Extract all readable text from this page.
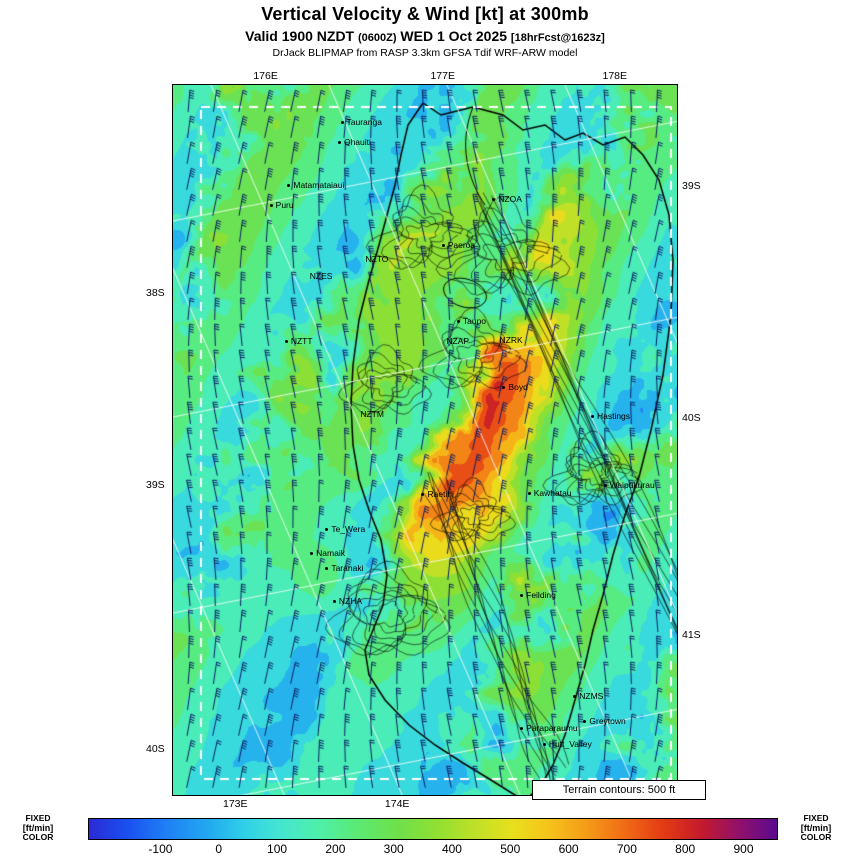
Vertical Velocity & Wind [kt] at 300mb
Valid 1900 NZDT (0600Z) WED 1 Oct 2025 [18hrFcst@1623z]
DrJack BLIPMAP from RASP 3.3km GFSA Tdif WRF-ARW model
Tauranga
Ohauiti
Matamataiaui
Puru
NZOA
Paeroa
NZTO
NZES
Taupo
NZAP	NZRK
NZTT
Boyd
NZTM	Hastings
Waipukurau
Raetihi	Kawhatau
Te_Wera
Namaik
Taranaki
NZHA
Feilding
NZMS
Greytown
Paraparaumu
Hutt_Valley
176E	177E	178E
173E	174E
38S
39S
40S
39S
40S
41S
Terrain contours: 500 ft
FIXED
[ft/min]
COLOR
-100	0	100	200	300	400	500	600	700	800	900
FIXED
[ft/min]
COLOR
